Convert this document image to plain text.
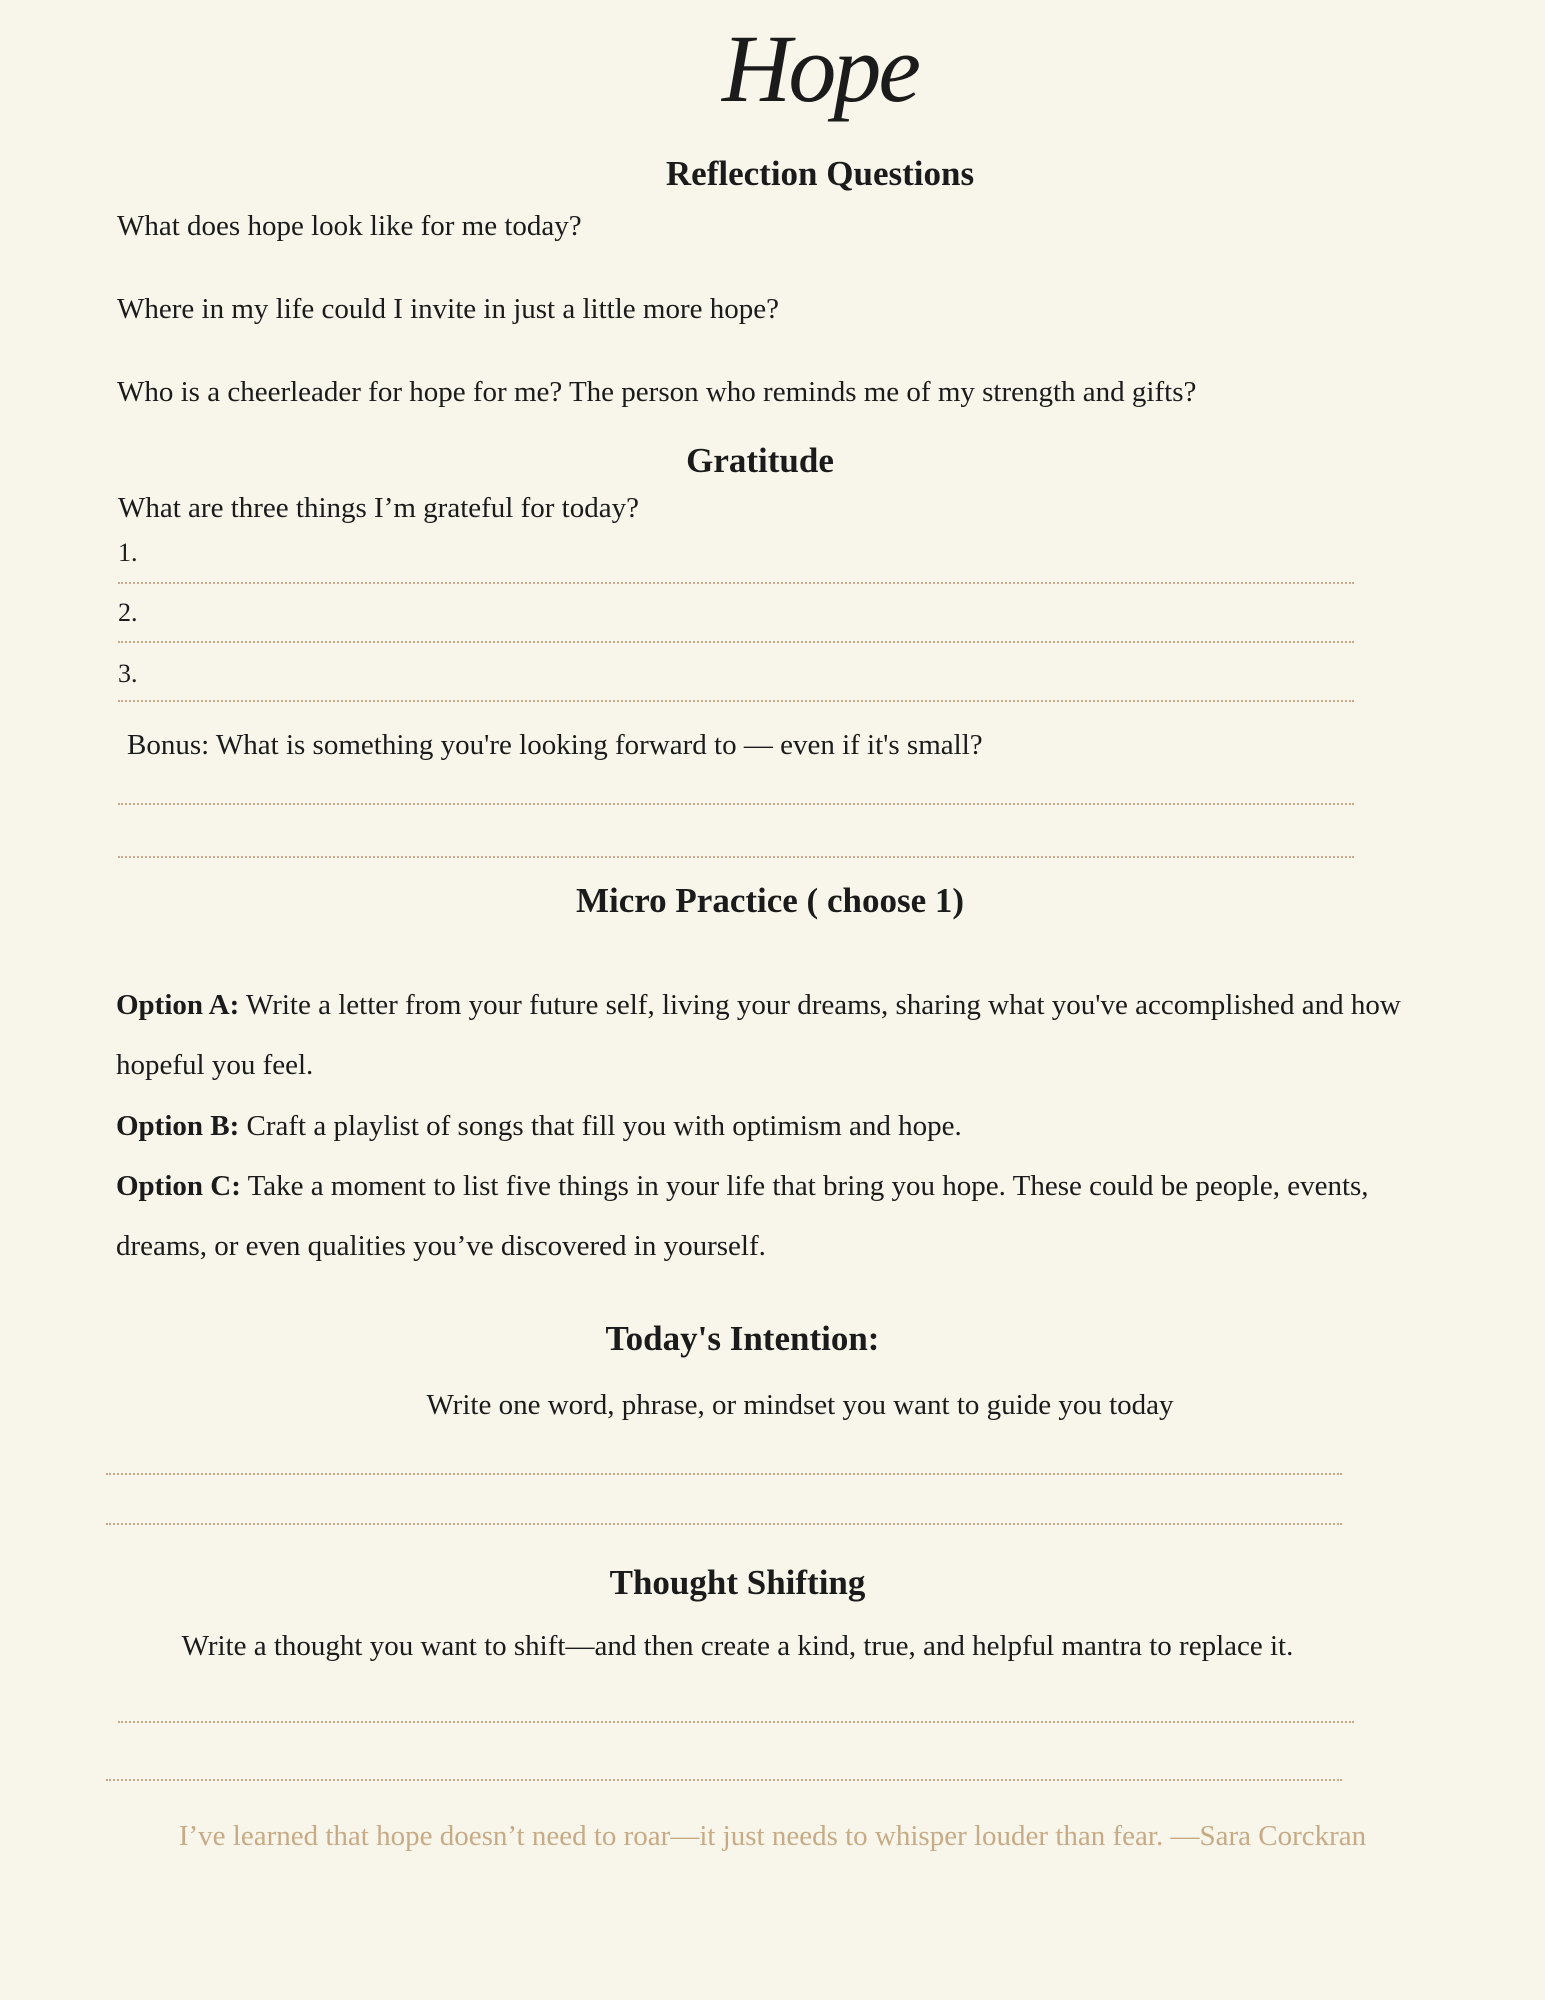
Hope
Reflection Questions
What does hope look like for me today?
Where in my life could I invite in just a little more hope?
Who is a cheerleader for hope for me? The person who reminds me of my strength and gifts?
Gratitude
What are three things I’m grateful for today?
1.
2.
3.
Bonus: What is something you're looking forward to — even if it's small?
Micro Practice ( choose 1)
Option A: Write a letter from your future self, living your dreams, sharing what you've accomplished and how hopeful you feel.
Option B: Craft a playlist of songs that fill you with optimism and hope.
Option C: Take a moment to list five things in your life that bring you hope. These could be people, events, dreams, or even qualities you’ve discovered in yourself.
Today's Intention:
Write one word, phrase, or mindset you want to guide you today
Thought Shifting
Write a thought you want to shift—and then create a kind, true, and helpful mantra to replace it.
I’ve learned that hope doesn’t need to roar—it just needs to whisper louder than fear. —Sara Corckran
